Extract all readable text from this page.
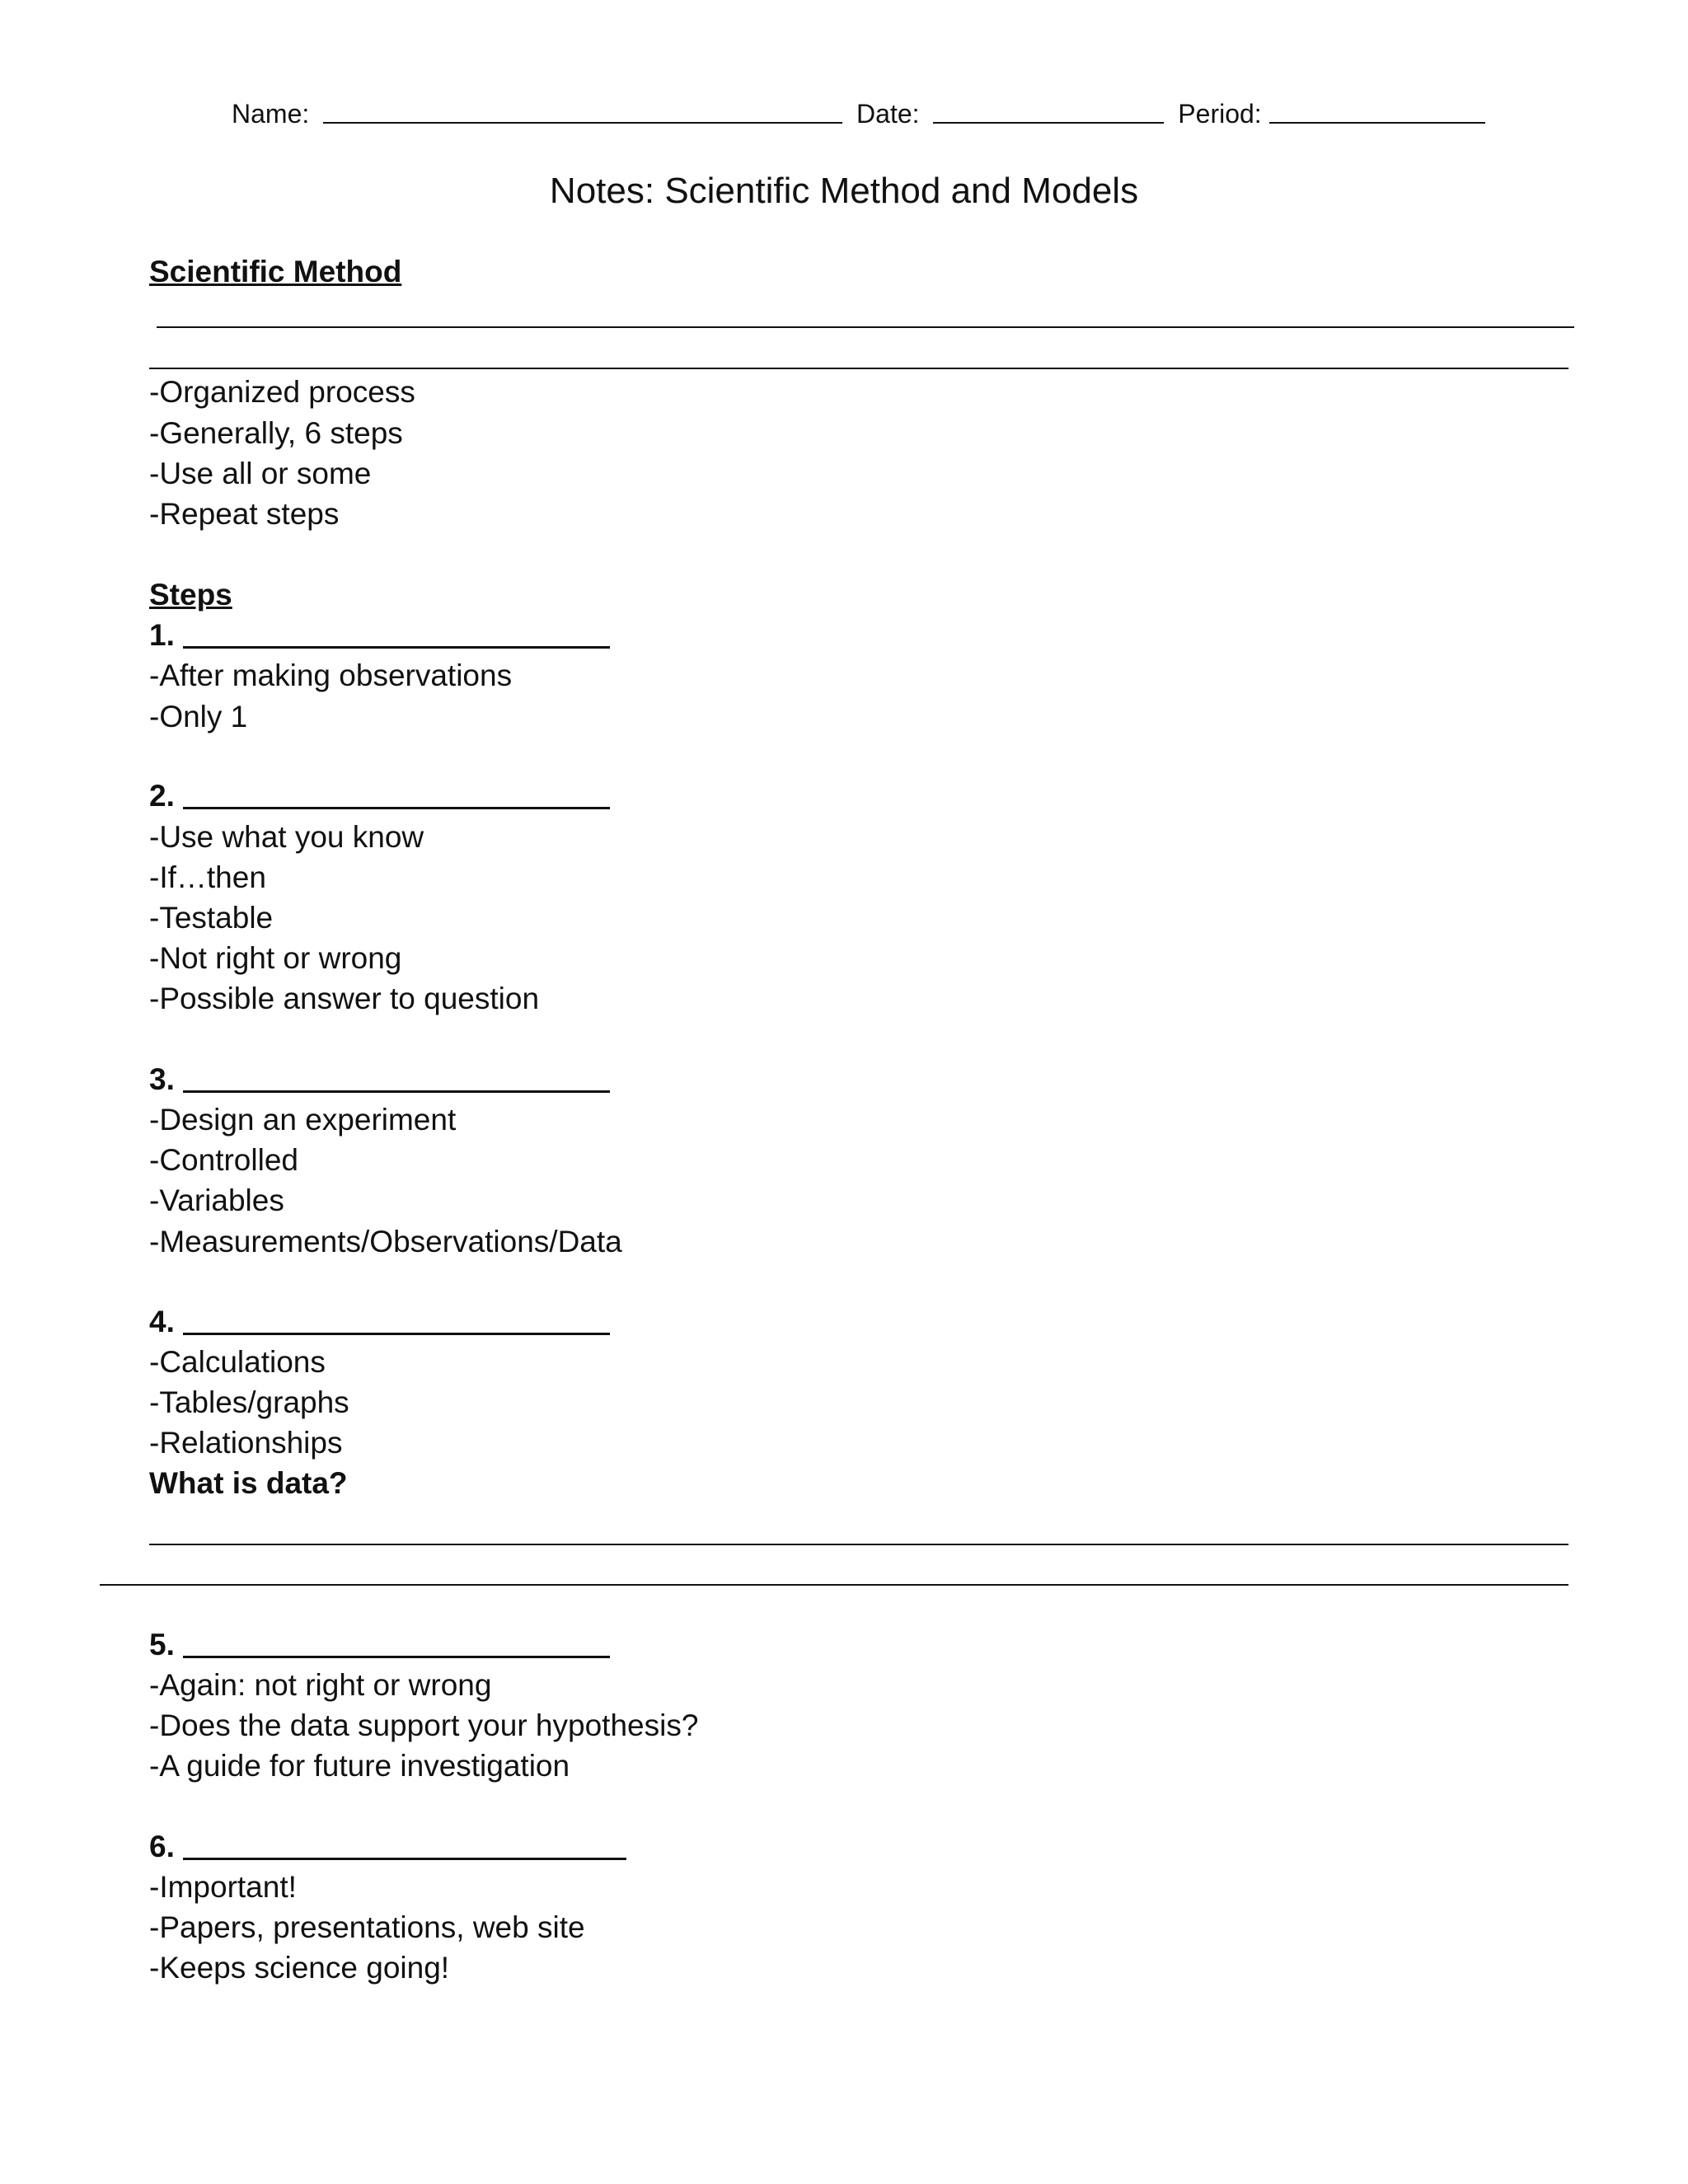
Name:	Date:	Period:
Notes: Scientific Method and Models
Scientific Method
-Organized process
-Generally, 6 steps
-Use all or some
-Repeat steps
Steps
1.
-After making observations
-Only 1
2.
-Use what you know
-If…then
-Testable
-Not right or wrong
-Possible answer to question
3.
-Design an experiment
-Controlled
-Variables
-Measurements/Observations/Data
4.
-Calculations
-Tables/graphs
-Relationships
What is data?
5.
-Again: not right or wrong
-Does the data support your hypothesis?
-A guide for future investigation
6.
-Important!
-Papers, presentations, web site
-Keeps science going!
